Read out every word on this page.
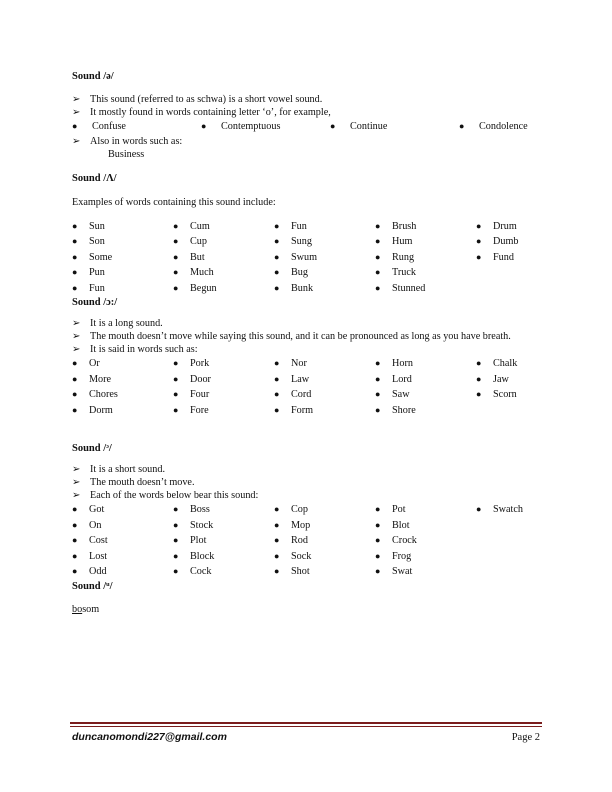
Sound /ə/

➢ This sound (referred to as schwa) is a short vowel sound.

➢ It mostly found in words containing letter ‘o’, for example,

● Confuse	● Contemptuous	● Continue	● Condolence

➢ Also in words such as:

Business

Sound /Λ/

Examples of words containing this sound include:

● Sun	● Cum	● Fun	● Brush	● Drum
● Son	● Cup	● Sung	● Hum	● Dumb
● Some	● But	● Swum	● Rung	● Fund
● Pun	● Much	● Bug	● Truck
● Fun	● Begun	● Bunk	● Stunned

Sound /ɔ:/

➢ It is a long sound.

➢ The mouth doesn’t move while saying this sound, and it can be pronounced as long as you have breath.

➢ It is said in words such as:

● Or	● Pork	● Nor	● Horn	● Chalk
● More	● Door	● Law	● Lord	● Jaw
● Chores	● Four	● Cord	● Saw	● Scorn
● Dorm	● Fore	● Form	● Shore

Sound /ᵓ/

➢ It is a short sound.

➢ The mouth doesn’t move.

➢ Each of the words below bear this sound:

● Got	● Boss	● Cop	● Pot	● Swatch
● On	● Stock	● Mop	● Blot
● Cost	● Plot	● Rod	● Crock
● Lost	● Block	● Sock	● Frog
● Odd	● Cock	● Shot	● Swat

Sound /ᵘ/

bosom

duncanomondi227@gmail.com	Page 2
